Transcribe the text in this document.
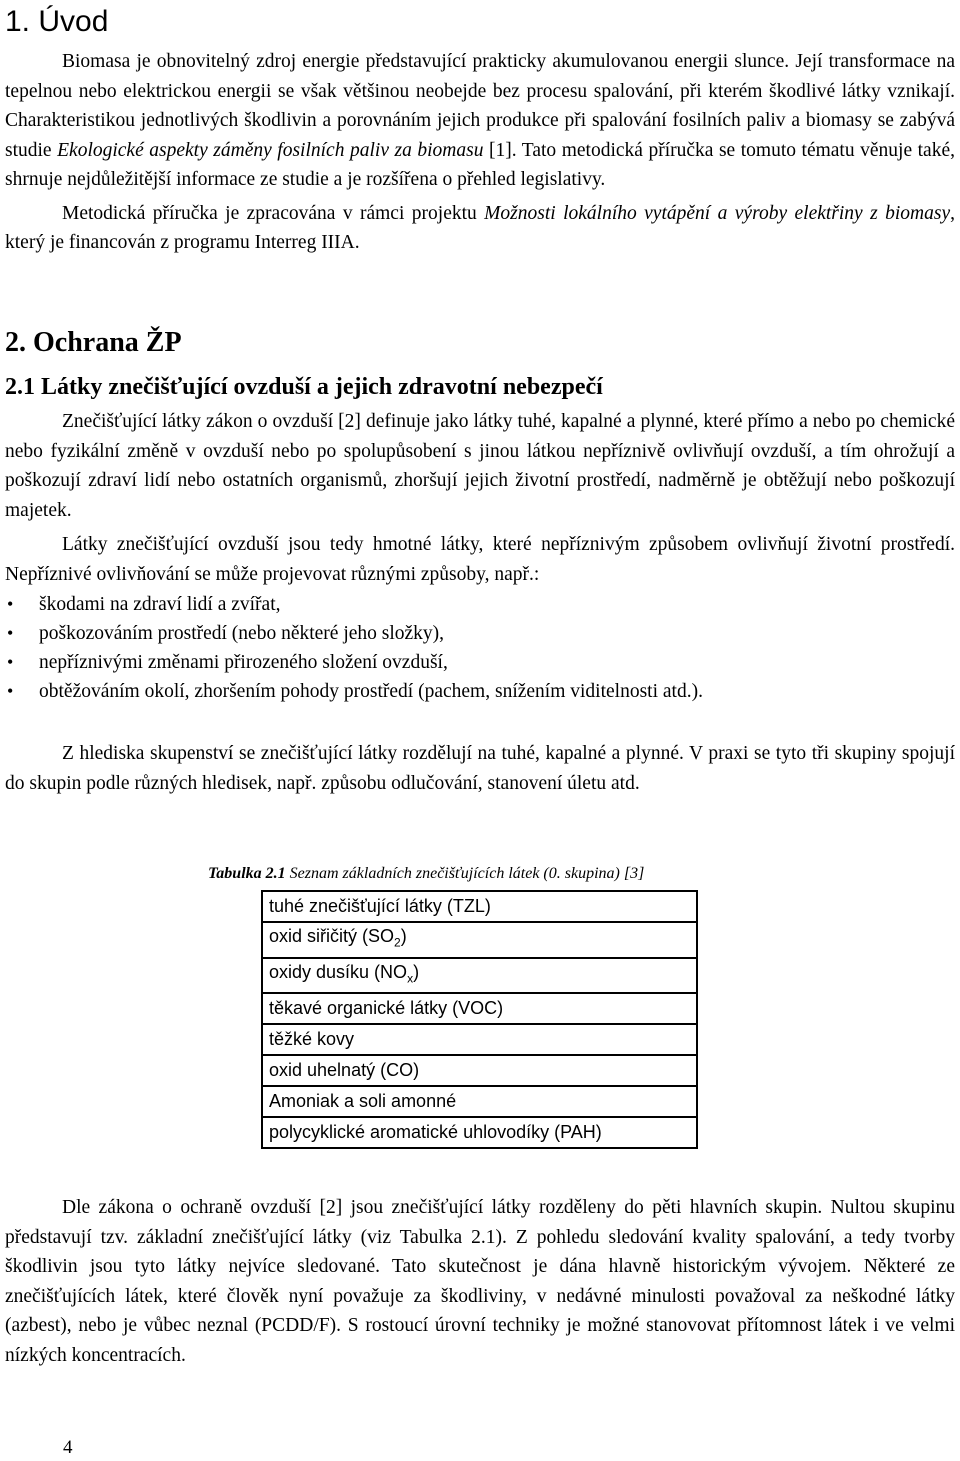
1. Úvod

Biomasa je obnovitelný zdroj energie představující prakticky akumulovanou energii slunce. Její transformace na tepelnou nebo elektrickou energii se však většinou neobejde bez procesu spalování, při kterém škodlivé látky vznikají. Charakteristikou jednotlivých škodlivin a porovnáním jejich produkce při spalování fosilních paliv a biomasy se zabývá studie Ekologické aspekty záměny fosilních paliv za biomasu [1]. Tato metodická příručka se tomuto tématu věnuje také, shrnuje nejdůležitější informace ze studie a je rozšířena o přehled legislativy.

Metodická příručka je zpracována v rámci projektu Možnosti lokálního vytápění a výroby elektřiny z biomasy, který je financován z programu Interreg IIIA.

2. Ochrana ŽP
2.1 Látky znečišťující ovzduší a jejich zdravotní nebezpečí

Znečišťující látky zákon o ovzduší [2] definuje jako látky tuhé, kapalné a plynné, které přímo a nebo po chemické nebo fyzikální změně v ovzduší nebo po spolupůsobení s jinou látkou nepříznivě ovlivňují ovzduší, a tím ohrožují a poškozují zdraví lidí nebo ostatních organismů, zhoršují jejich životní prostředí, nadměrně je obtěžují nebo poškozují majetek.

Látky znečišťující ovzduší jsou tedy hmotné látky, které nepříznivým způsobem ovlivňují životní prostředí. Nepříznivé ovlivňování se může projevovat různými způsoby, např.:

• škodami na zdraví lidí a zvířat,
• poškozováním prostředí (nebo některé jeho složky),
• nepříznivými změnami přirozeného složení ovzduší,
• obtěžováním okolí, zhoršením pohody prostředí (pachem, snížením viditelnosti atd.).

Z hlediska skupenství se znečišťující látky rozdělují na tuhé, kapalné a plynné. V praxi se tyto tři skupiny spojují do skupin podle různých hledisek, např. způsobu odlučování, stanovení úletu atd.

Tabulka 2.1 Seznam základních znečišťujících látek (0. skupina) [3]
tuhé znečišťující látky (TZL)
oxid siřičitý $(SO_2)$
oxidy dusíku $(NO_x)$
těkavé organické látky (VOC)
těžké kovy
oxid uhelnatý (CO)
Amoniak a soli amonné
polycyklické aromatické uhlovodíky (PAH)

Dle zákona o ochraně ovzduší [2] jsou znečišťující látky rozděleny do pěti hlavních skupin. Nultou skupinu představují tzv. základní znečišťující látky (viz Tabulka 2.1). Z pohledu sledování kvality spalování, a tedy tvorby škodlivin jsou tyto látky nejvíce sledované. Tato skutečnost je dána hlavně historickým vývojem. Některé ze znečišťujících látek, které člověk nyní považuje za škodliviny, v nedávné minulosti považoval za neškodné látky (azbest), nebo je vůbec neznal (PCDD/F). S rostoucí úrovní techniky je možné stanovovat přítomnost látek i ve velmi nízkých koncentracích.

4
